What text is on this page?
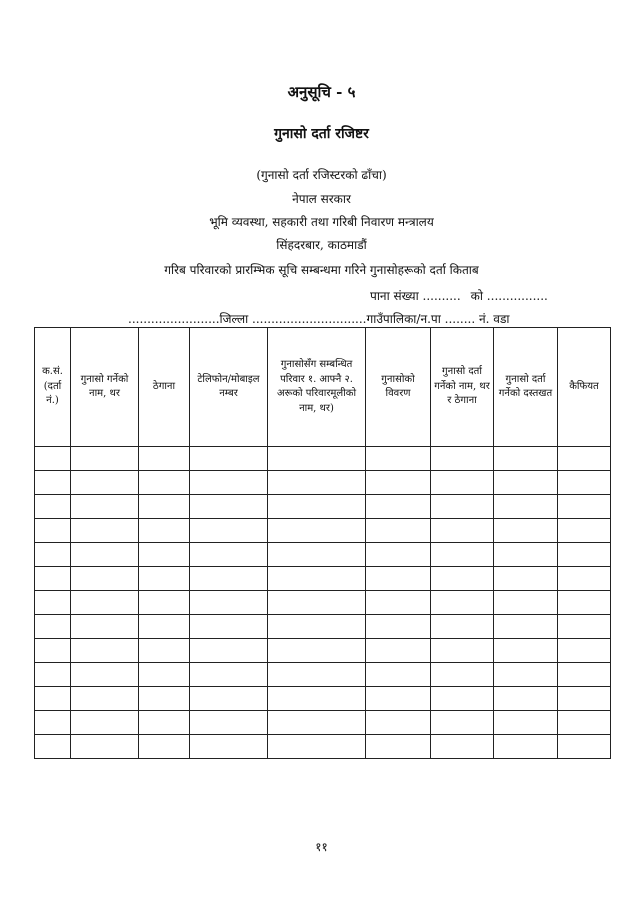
अनुसूचि - ५
गुनासो दर्ता रजिष्टर
(गुनासो दर्ता रजिस्टरको ढाँचा)
नेपाल सरकार
भूमि व्यवस्था, सहकारी तथा गरिबी निवारण मन्त्रालय
सिंहदरबार, काठमाडौं
गरिब परिवारको प्रारम्भिक सूचि सम्बन्धमा गरिने गुनासोहरूको दर्ता किताब
पाना संख्या .......... को ................
........................जिल्ला ..............................गाउँपालिका/न.पा ........ नं. वडा
क.सं. (दर्ता नं.)	गुनासो गर्नेको नाम, थर	ठेगाना	टेलिफोन/मोबाइल नम्बर	गुनासोसँग सम्बन्धित परिवार १. आफ्नै २. अरूको परिवारमूलीको नाम, थर)	गुनासोको विवरण	गुनासो दर्ता गर्नेको नाम, थर र ठेगाना	गुनासो दर्ता गर्नेको दस्तखत	कैफियत

११
